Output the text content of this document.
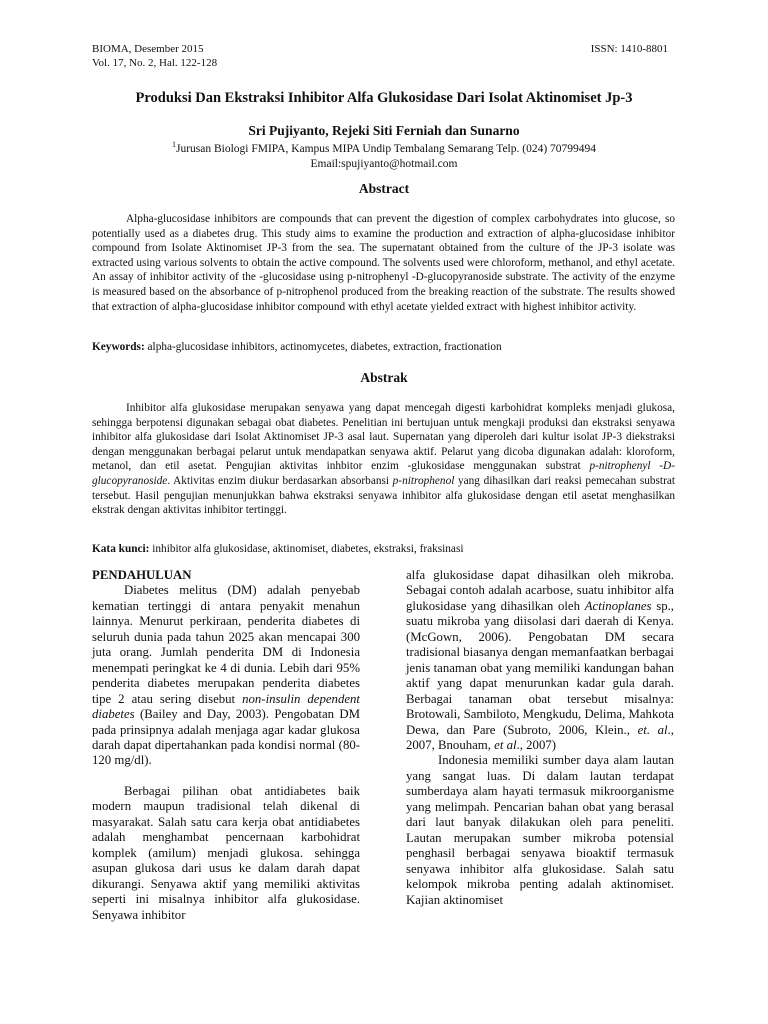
BIOMA, Desember 2015
Vol. 17, No. 2, Hal. 122-128
ISSN: 1410-8801
Produksi Dan Ekstraksi Inhibitor Alfa Glukosidase Dari Isolat Aktinomiset Jp-3
Sri Pujiyanto, Rejeki Siti Ferniah dan Sunarno
$^1$Jurusan Biologi FMIPA, Kampus MIPA Undip Tembalang Semarang Telp. (024) 70799494
Email:spujiyanto@hotmail.com
Abstract

Alpha-glucosidase inhibitors are compounds that can prevent the digestion of complex carbohydrates into glucose, so potentially used as a diabetes drug. This study aims to examine the production and extraction of alpha-glucosidase inhibitor compound from Isolate Aktinomiset JP-3 from the sea. The supernatant obtained from the culture of the JP-3 isolate was extracted using various solvents to obtain the active compound. The solvents used were chloroform, methanol, and ethyl acetate. An assay of inhibitor activity of the -glucosidase using p-nitrophenyl -D-glucopyranoside substrate. The activity of the enzyme is measured based on the absorbance of p-nitrophenol produced from the breaking reaction of the substrate. The results showed that extraction of alpha-glucosidase inhibitor compound with ethyl acetate yielded extract with highest inhibitor activity.

Keywords: alpha-glucosidase inhibitors, actinomycetes, diabetes, extraction, fractionation
Abstrak

Inhibitor alfa glukosidase merupakan senyawa yang dapat mencegah digesti karbohidrat kompleks menjadi glukosa, sehingga berpotensi digunakan sebagai obat diabetes. Penelitian ini bertujuan untuk mengkaji produksi dan ekstraksi senyawa inhibitor alfa glukosidase dari Isolat Aktinomiset JP-3 asal laut. Supernatan yang diperoleh dari kultur isolat JP-3 diekstraksi dengan menggunakan berbagai pelarut untuk mendapatkan senyawa aktif. Pelarut yang dicoba digunakan adalah: kloroform, metanol, dan etil asetat. Pengujian aktivitas inhbitor enzim -glukosidase menggunakan substrat p-nitrophenyl -D-glucopyranoside. Aktivitas enzim diukur berdasarkan absorbansi p-nitrophenol yang dihasilkan dari reaksi pemecahan substrat tersebut. Hasil pengujian menunjukkan bahwa ekstraksi senyawa inhibitor alfa glukosidase dengan etil asetat menghasilkan ekstrak dengan aktivitas inhibitor tertinggi.

Kata kunci: inhibitor alfa glukosidase, aktinomiset, diabetes, ekstraksi, fraksinasi

PENDAHULUAN

Diabetes melitus (DM) adalah penyebab kematian tertinggi di antara penyakit menahun lainnya. Menurut perkiraan, penderita diabetes di seluruh dunia pada tahun 2025 akan mencapai 300 juta orang. Jumlah penderita DM di Indonesia menempati peringkat ke 4 di dunia. Lebih dari 95% penderita diabetes merupakan penderita diabetes tipe 2 atau sering disebut non-insulin dependent diabetes (Bailey and Day, 2003). Pengobatan DM pada prinsipnya adalah menjaga agar kadar glukosa darah dapat dipertahankan pada kondisi normal (80-120 mg/dl).

Berbagai pilihan obat antidiabetes baik modern maupun tradisional telah dikenal di masyarakat. Salah satu cara kerja obat antidiabetes adalah menghambat pencernaan karbohidrat komplek (amilum) menjadi glukosa. sehingga asupan glukosa dari usus ke dalam darah dapat dikurangi. Senyawa aktif yang memiliki aktivitas seperti ini misalnya inhibitor alfa glukosidase. Senyawa inhibitor

alfa glukosidase dapat dihasilkan oleh mikroba. Sebagai contoh adalah acarbose, suatu inhibitor alfa glukosidase yang dihasilkan oleh Actinoplanes sp., suatu mikroba yang diisolasi dari daerah di Kenya. (McGown, 2006). Pengobatan DM secara tradisional biasanya dengan memanfaatkan berbagai jenis tanaman obat yang memiliki kandungan bahan aktif yang dapat menurunkan kadar gula darah. Berbagai tanaman obat tersebut misalnya: Brotowali, Sambiloto, Mengkudu, Delima, Mahkota Dewa, dan Pare (Subroto, 2006, Klein., et. al., 2007, Bnouham, et al., 2007)

Indonesia memiliki sumber daya alam lautan yang sangat luas. Di dalam lautan terdapat sumberdaya alam hayati termasuk mikroorganisme yang melimpah. Pencarian bahan obat yang berasal dari laut banyak dilakukan oleh para peneliti. Lautan merupakan sumber mikroba potensial penghasil berbagai senyawa bioaktif termasuk senyawa inhibitor alfa glukosidase. Salah satu kelompok mikroba penting adalah aktinomiset. Kajian aktinomiset
